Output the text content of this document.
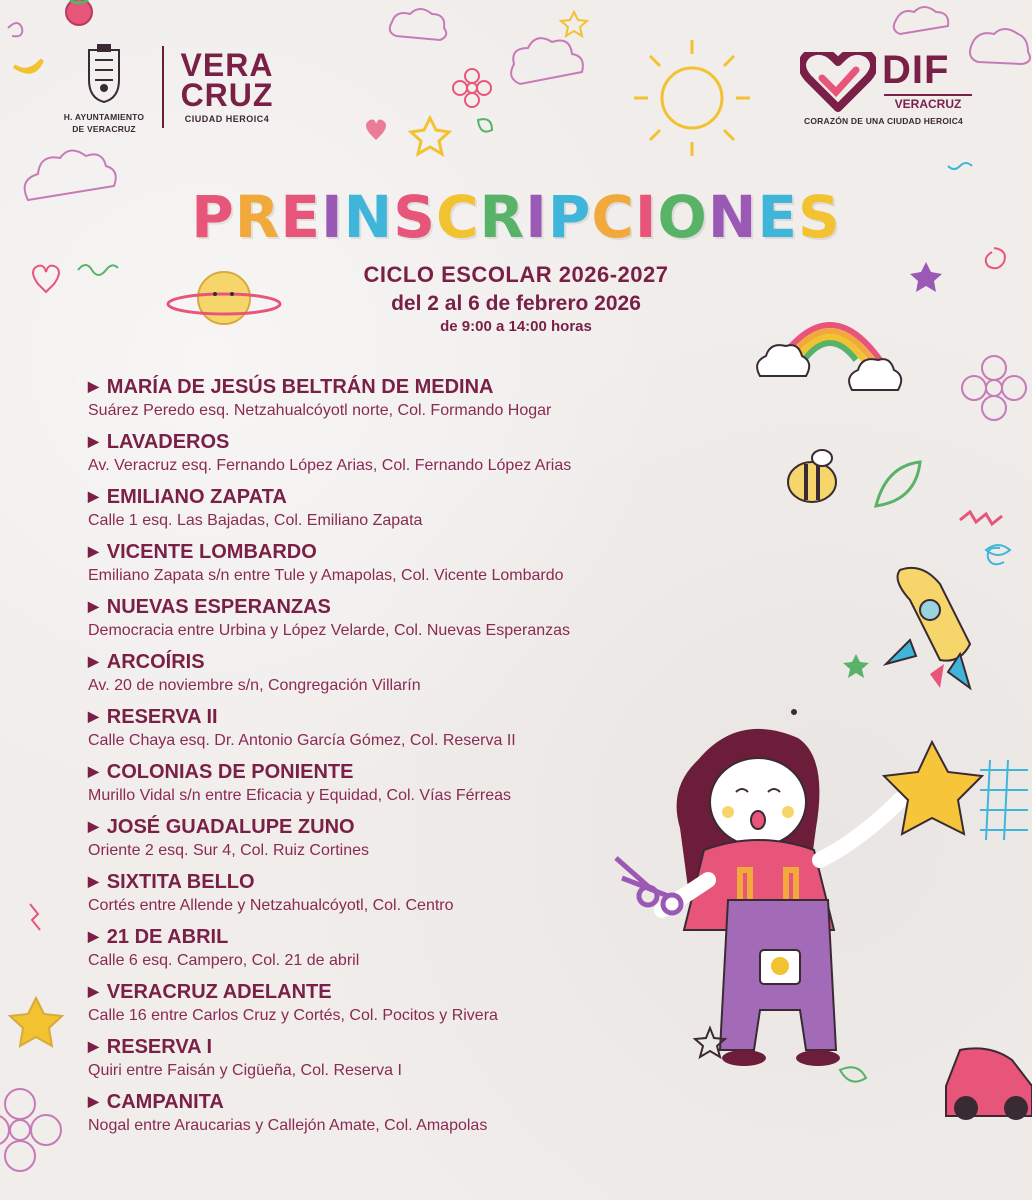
H. AYUNTAMIENTO
DE VERACRUZ
VERA
CRUZ
CIUDAD HEROIC4
DIF
VERACRUZ
CORAZÓN DE UNA CIUDAD HEROIC4
PREINSCRIPCIONES
CICLO ESCOLAR 2026-2027
del 2 al 6 de febrero 2026
de 9:00 a 14:00 horas
▶ MARÍA DE JESÚS BELTRÁN DE MEDINA
Suárez Peredo esq. Netzahualcóyotl norte, Col. Formando Hogar
▶ LAVADEROS
Av. Veracruz esq. Fernando López Arias, Col. Fernando López Arias
▶ EMILIANO ZAPATA
Calle 1 esq. Las Bajadas, Col. Emiliano Zapata
▶ VICENTE LOMBARDO
Emiliano Zapata s/n entre Tule y Amapolas, Col. Vicente Lombardo
▶ NUEVAS ESPERANZAS
Democracia entre Urbina y López Velarde, Col. Nuevas Esperanzas
▶ ARCOÍRIS
Av. 20 de noviembre s/n, Congregación Villarín
▶ RESERVA II
Calle Chaya esq. Dr. Antonio García Gómez, Col. Reserva II
▶ COLONIAS DE PONIENTE
Murillo Vidal s/n entre Eficacia y Equidad, Col. Vías Férreas
▶ JOSÉ GUADALUPE ZUNO
Oriente 2 esq. Sur 4, Col. Ruiz Cortines
▶ SIXTITA BELLO
Cortés entre Allende y Netzahualcóyotl, Col. Centro
▶ 21 DE ABRIL
Calle 6 esq. Campero, Col. 21 de abril
▶ VERACRUZ ADELANTE
Calle 16 entre Carlos Cruz y Cortés, Col. Pocitos y Rivera
▶ RESERVA I
Quiri entre Faisán y Cigüeña, Col. Reserva I
▶ CAMPANITA
Nogal entre Araucarias y Callejón Amate, Col. Amapolas
